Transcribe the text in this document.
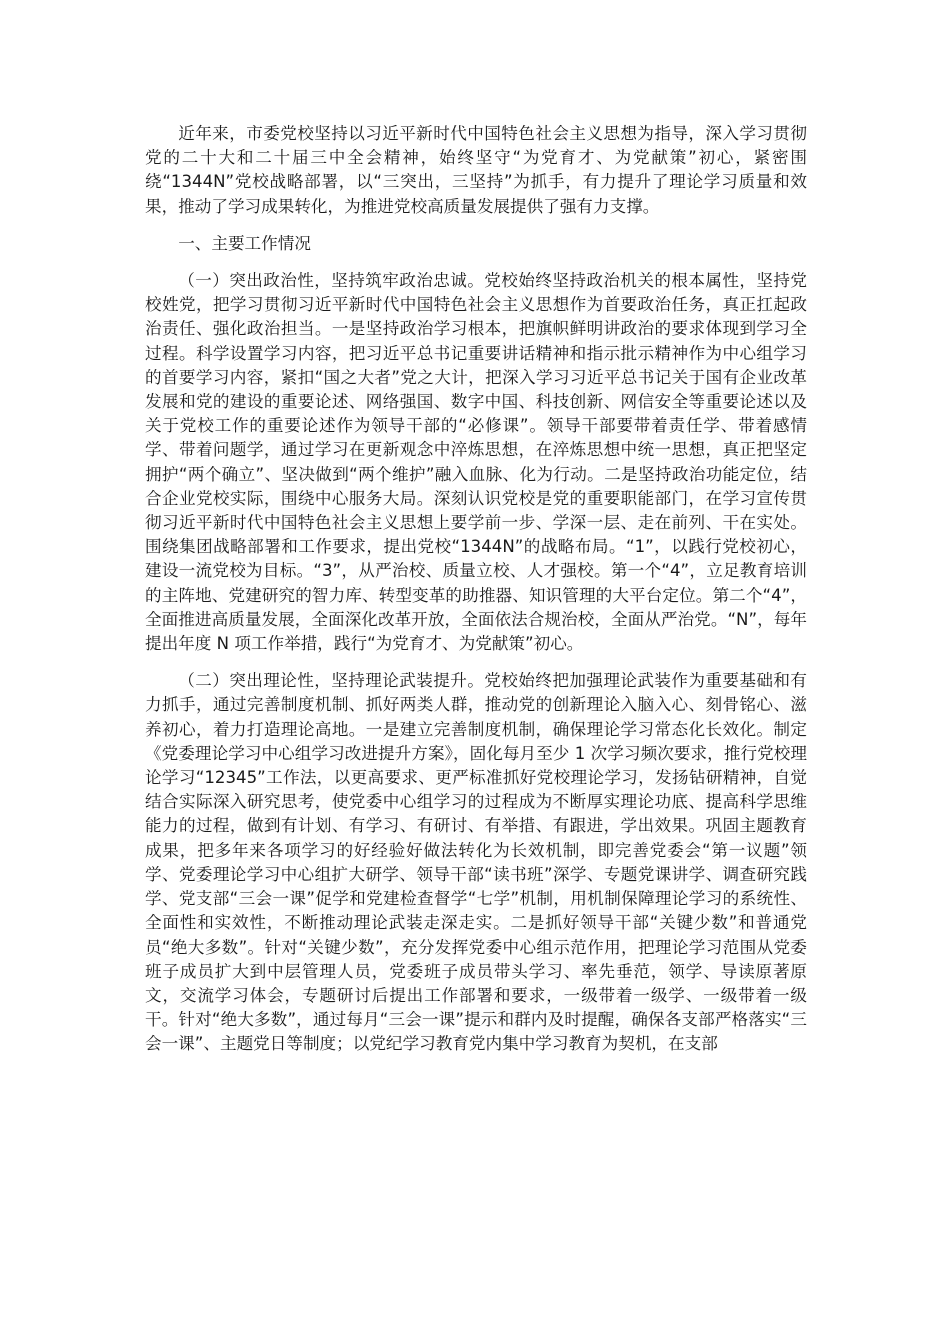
近年来，市委党校坚持以习近平新时代中国特色社会主义思想为指导，深入学习贯彻党的二十大和二十届三中全会精神，始终坚守“为党育才、为党献策”初心，紧密围绕“1344N”党校战略部署，以“三突出，三坚持”为抓手，有力提升了理论学习质量和效果，推动了学习成果转化，为推进党校高质量发展提供了强有力支撑。

一、主要工作情况

（一）突出政治性，坚持筑牢政治忠诚。党校始终坚持政治机关的根本属性，坚持党校姓党，把学习贯彻习近平新时代中国特色社会主义思想作为首要政治任务，真正扛起政治责任、强化政治担当。一是坚持政治学习根本，把旗帜鲜明讲政治的要求体现到学习全过程。科学设置学习内容，把习近平总书记重要讲话精神和指示批示精神作为中心组学习的首要学习内容，紧扣“国之大者”党之大计，把深入学习习近平总书记关于国有企业改革发展和党的建设的重要论述、网络强国、数字中国、科技创新、网信安全等重要论述以及关于党校工作的重要论述作为领导干部的“必修课”。领导干部要带着责任学、带着感情学、带着问题学，通过学习在更新观念中淬炼思想，在淬炼思想中统一思想，真正把坚定拥护“两个确立”、坚决做到“两个维护”融入血脉、化为行动。二是坚持政治功能定位，结合企业党校实际，围绕中心服务大局。深刻认识党校是党的重要职能部门，在学习宣传贯彻习近平新时代中国特色社会主义思想上要学前一步、学深一层、走在前列、干在实处。围绕集团战略部署和工作要求，提出党校“1344N”的战略布局。“1”，以践行党校初心，建设一流党校为目标。“3”，从严治校、质量立校、人才强校。第一个“4”，立足教育培训的主阵地、党建研究的智力库、转型变革的助推器、知识管理的大平台定位。第二个“4”，全面推进高质量发展，全面深化改革开放，全面依法合规治校，全面从严治党。“N”，每年提出年度 N 项工作举措，践行“为党育才、为党献策”初心。

（二）突出理论性，坚持理论武装提升。党校始终把加强理论武装作为重要基础和有力抓手，通过完善制度机制、抓好两类人群，推动党的创新理论入脑入心、刻骨铭心、滋养初心，着力打造理论高地。一是建立完善制度机制，确保理论学习常态化长效化。制定《党委理论学习中心组学习改进提升方案》，固化每月至少 1 次学习频次要求，推行党校理论学习“12345”工作法，以更高要求、更严标准抓好党校理论学习，发扬钻研精神，自觉结合实际深入研究思考，使党委中心组学习的过程成为不断厚实理论功底、提高科学思维能力的过程，做到有计划、有学习、有研讨、有举措、有跟进，学出效果。巩固主题教育成果，把多年来各项学习的好经验好做法转化为长效机制，即完善党委会“第一议题”领学、党委理论学习中心组扩大研学、领导干部“读书班”深学、专题党课讲学、调查研究践学、党支部“三会一课”促学和党建检查督学“七学”机制，用机制保障理论学习的系统性、全面性和实效性，不断推动理论武装走深走实。二是抓好领导干部“关键少数”和普通党员“绝大多数”。针对“关键少数”，充分发挥党委中心组示范作用，把理论学习范围从党委班子成员扩大到中层管理人员，党委班子成员带头学习、率先垂范，领学、导读原著原文，交流学习体会，专题研讨后提出工作部署和要求，一级带着一级学、一级带着一级干。针对“绝大多数”，通过每月“三会一课”提示和群内及时提醒，确保各支部严格落实“三会一课”、主题党日等制度；以党纪学习教育党内集中学习教育为契机，在支部
